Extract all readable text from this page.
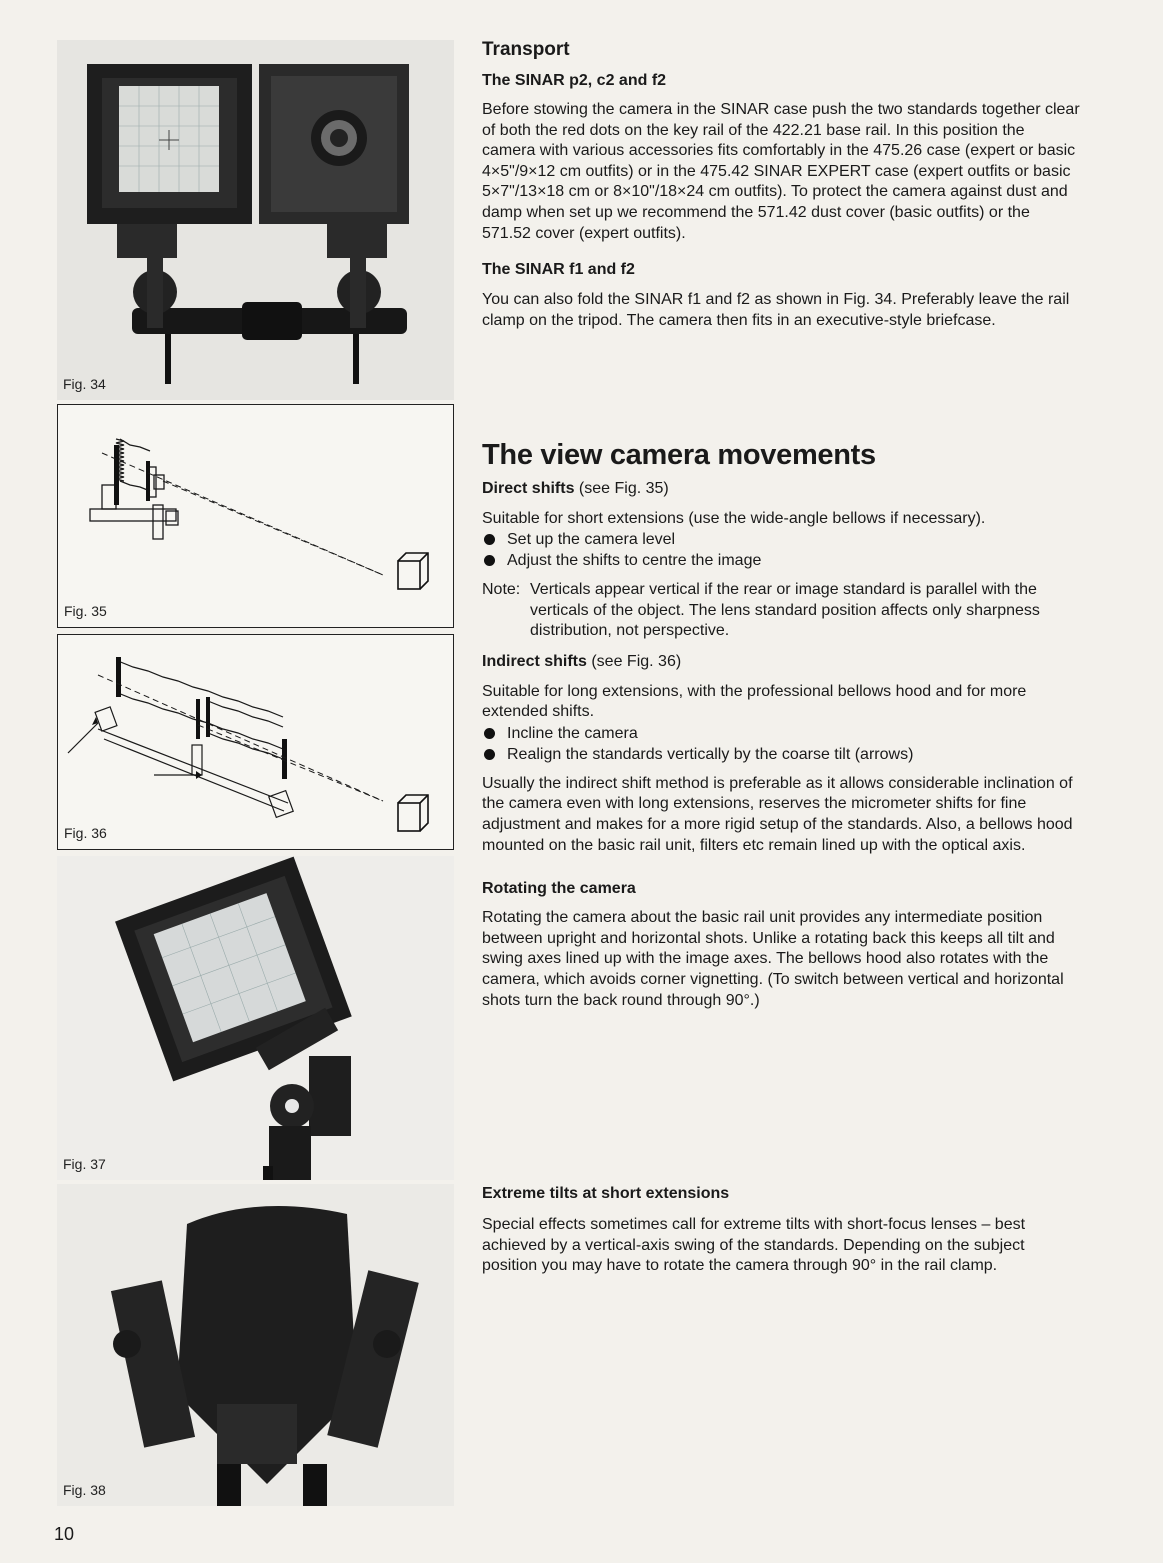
Fig. 34
Fig. 35
Fig. 36
Fig. 37
Fig. 38
Transport
The SINAR p2, c2 and f2

Before stowing the camera in the SINAR case push the two standards together clear of both the red dots on the key rail of the 422.21 base rail. In this position the camera with various accessories fits comfortably in the 475.26 case (expert or basic 4×5"/9×12 cm outfits) or in the 475.42 SINAR EXPERT case (expert outfits or basic 5×7"/13×18 cm or 8×10"/18×24 cm outfits). To protect the camera against dust and damp when set up we recommend the 571.42 dust cover (basic outfits) or the 571.52 cover (expert outfits).

The SINAR f1 and f2

You can also fold the SINAR f1 and f2 as shown in Fig. 34. Preferably leave the rail clamp on the tripod. The camera then fits in an executive-style briefcase.

The view camera movements

Direct shifts (see Fig. 35)

Suitable for short extensions (use the wide-angle bellows if necessary).

Set up the camera level
Adjust the shifts to centre the image
Note: Verticals appear vertical if the rear or image standard is parallel with the verticals of the object. The lens standard position affects only sharpness distribution, not perspective.

Indirect shifts (see Fig. 36)

Suitable for long extensions, with the professional bellows hood and for more extended shifts.

Incline the camera
Realign the standards vertically by the coarse tilt (arrows)

Usually the indirect shift method is preferable as it allows considerable inclination of the camera even with long extensions, reserves the micrometer shifts for fine adjustment and makes for a more rigid setup of the standards. Also, a bellows hood mounted on the basic rail unit, filters etc remain lined up with the optical axis.

Rotating the camera

Rotating the camera about the basic rail unit provides any intermediate position between upright and horizontal shots. Unlike a rotating back this keeps all tilt and swing axes lined up with the image axes. The bellows hood also rotates with the camera, which avoids corner vignetting. (To switch between vertical and horizontal shots turn the back round through 90°.)

Extreme tilts at short extensions

Special effects sometimes call for extreme tilts with short-focus lenses – best achieved by a vertical-axis swing of the standards. Depending on the subject position you may have to rotate the camera through 90° in the rail clamp.

10
